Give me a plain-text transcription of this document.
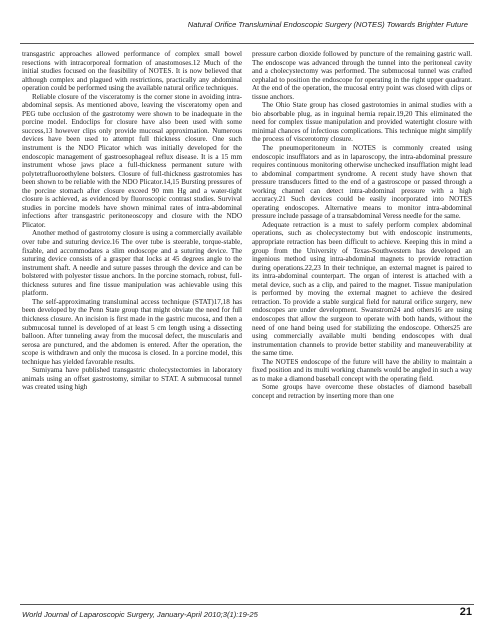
Natural Orifice Transluminal Endoscopic Surgery (NOTES) Towards Brighter Future

transgastric approaches allowed performance of complex small bowel resections with intracorporeal formation of anastomoses.12 Much of the initial studies focused on the feasibility of NOTES. It is now believed that although complex and plagued with restrictions, practically any abdominal operation could be performed using the available natural orifice techniques.

Reliable closure of the visceratomy is the corner stone in avoiding intra-abdominal sepsis. As mentioned above, leaving the visceratomy open and PEG tube occlusion of the gastrotomy were shown to be inadequate in the porcine model. Endoclips for closure have also been used with some success,13 however clips only provide mucosal approximation. Numerous devices have been used to attempt full thickness closure. One such instrument is the NDO Plicator which was initially developed for the endoscopic management of gastroesophageal reflux disease. It is a 15 mm instrument whose jaws place a full-thickness permanent suture with polytetrafluoroethylene bolsters. Closure of full-thickness gastrotomies has been shown to be reliable with the NDO Plicator.14,15 Bursting pressures of the porcine stomach after closure exceed 90 mm Hg and a water-tight closure is achieved, as evidenced by fluoroscopic contrast studies. Survival studies in porcine models have shown minimal rates of intra-abdominal infections after transgastric peritoneoscopy and closure with the NDO Plicator.

Another method of gastrotomy closure is using a commercially available over tube and suturing device.16 The over tube is steerable, torque-stable, fixable, and accommodates a slim endoscope and a suturing device. The suturing device consists of a grasper that locks at 45 degrees angle to the instrument shaft. A needle and suture passes through the device and can be bolstered with polyester tissue anchors. In the porcine stomach, robust, full-thickness sutures and fine tissue manipulation was achievable using this platform.

The self-approximating transluminal access technique (STAT)17,18 has been developed by the Penn State group that might obviate the need for full thickness closure. An incision is first made in the gastric mucosa, and then a submucosal tunnel is developed of at least 5 cm length using a dissecting balloon. After tunneling away from the mucosal defect, the muscularis and serosa are punctured, and the abdomen is entered. After the operation, the scope is withdrawn and only the mucosa is closed. In a porcine model, this technique has yielded favorable results.

Sumiyama have published transgastric cholecystectomies in laboratory animals using an offset gastrostomy, similar to STAT. A submucosal tunnel was created using high

pressure carbon dioxide followed by puncture of the remaining gastric wall. The endoscope was advanced through the tunnel into the peritoneal cavity and a cholecystectomy was performed. The submucosal tunnel was crafted cephalad to position the endoscope for operating in the right upper quadrant. At the end of the operation, the mucosal entry point was closed with clips or tissue anchors.

The Ohio State group has closed gastrotomies in animal studies with a bio absorbable plug, as in inguinal hernia repair.19,20 This eliminated the need for complex tissue manipulation and provided watertight closure with minimal chances of infectious complications. This technique might simplify the process of viscerotomy closure.

The pneumoperitoneum in NOTES is commonly created using endoscopic insufflators and as in laparoscopy, the intra-abdominal pressure requires continuous monitoring otherwise unchecked insufflation might lead to abdominal compartment syndrome. A recent study have shown that pressure transducers fitted to the end of a gastroscope or passed through a working channel can detect intra-abdominal pressure with a high accuracy.21 Such devices could be easily incorporated into NOTES operating endoscopes. Alternative means to monitor intra-abdominal pressure include passage of a transabdominal Veress needle for the same.

Adequate retraction is a must to safely perform complex abdominal operations, such as cholecystectomy but with endoscopic instruments, appropriate retraction has been difficult to achieve. Keeping this in mind a group from the University of Texas-Southwestern has developed an ingenious method using intra-abdominal magnets to provide retraction during operations.22,23 In their technique, an external magnet is paired to its intra-abdominal counterpart. The organ of interest is attached with a metal device, such as a clip, and paired to the magnet. Tissue manipulation is performed by moving the external magnet to achieve the desired retraction. To provide a stable surgical field for natural orifice surgery, new endoscopes are under development. Swanstrom24 and others16 are using endoscopes that allow the surgeon to operate with both hands, without the need of one hand being used for stabilizing the endoscope. Others25 are using commercially available multi bending endoscopes with dual instrumentation channels to provide better stability and maneuverability at the same time.

The NOTES endoscope of the future will have the ability to maintain a fixed position and its multi working channels would be angled in such a way as to make a diamond baseball concept with the operating field.

Some groups have overcome these obstacles of diamond baseball concept and retraction by inserting more than one

World Journal of Laparoscopic Surgery, January-April 2010;3(1):19-25	21
